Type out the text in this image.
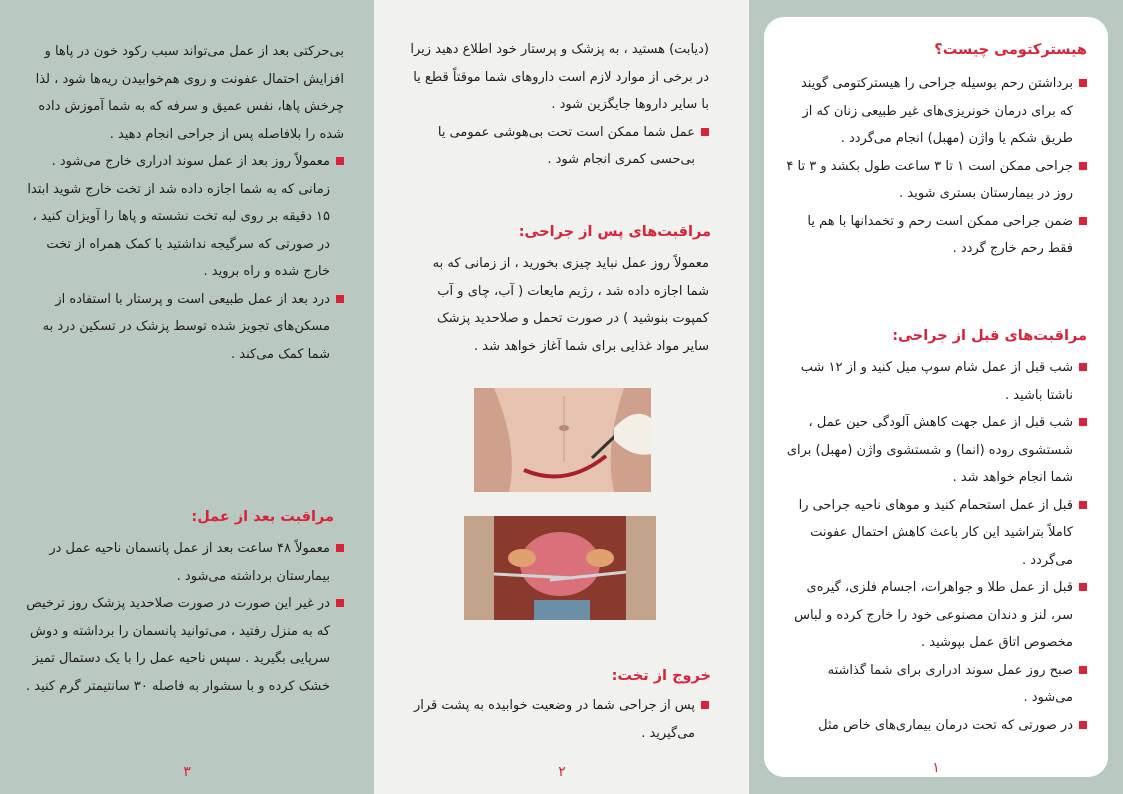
بی‌حرکتی بعد از عمل می‌تواند سبب رکود خون در پاها و افزایش احتمال عفونت و روی هم‌خوابیدن ریه‌ها شود ، لذا چرخش پاها، نفس عمیق و سرفه که به شما آموزش داده شده را بلافاصله پس از جراحی انجام دهید .

معمولاً روز بعد از عمل سوند ادراری خارج می‌شود . زمانی که به شما اجازه داده شد از تخت خارج شوید ابتدا ۱۵ دقیقه بر روی لبه تخت نشسته و پاها را آویزان کنید ، در صورتی که سرگیجه نداشتید با کمک همراه از تخت خارج شده و راه بروید .

درد بعد از عمل طبیعی است و پرستار با استفاده از مسکن‌های تجویز شده توسط پزشک در تسکین درد به شما کمک می‌کند .

مراقبت بعد از عمل:

معمولاً ۴۸ ساعت بعد از عمل پانسمان ناحیه عمل در بیمارستان برداشته می‌شود .

در غیر این صورت در صورت صلاحدید پزشک روز ترخیص که به منزل رفتید ، می‌توانید پانسمان را برداشته و دوش سرپایی بگیرید . سپس ناحیه عمل را با یک دستمال تمیز خشک کرده و با سشوار به فاصله ۳۰ سانتیمتر گرم کنید .

۳

(دیابت) هستید ، به پزشک و پرستار خود اطلاع دهید زیرا در برخی از موارد لازم است داروهای شما موقتاً قطع یا با سایر داروها جایگزین شود .

عمل شما ممکن است تحت بی‌هوشی عمومی یا بی‌حسی کمری انجام شود .

مراقبت‌های پس از جراحی:

معمولاً روز عمل نباید چیزی بخورید ، از زمانی که به شما اجازه داده شد ، رژیم مایعات ( آب، چای و آب کمپوت بنوشید ) در صورت تحمل و صلاحدید پزشک سایر مواد غذایی برای شما آغاز خواهد شد .

خروج از تخت:

پس از جراحی شما در وضعیت خوابیده به پشت قرار می‌گیرید .

۲
هیسترکتومی چیست؟

برداشتن رحم بوسیله جراحی را هیسترکتومی گویند که برای درمان خونریزی‌های غیر طبیعی زنان که از طریق شکم یا واژن (مهبل) انجام می‌گردد .

جراحی ممکن است ۱ تا ۳ ساعت طول بکشد و ۳ تا ۴ روز در بیمارستان بستری شوید .

ضمن جراحی ممکن است رحم و تخمدانها با هم یا فقط رحم خارج گردد .

مراقبت‌های قبل از جراحی:

شب قبل از عمل شام سوپ میل کنید و از ۱۲ شب ناشتا باشید .

شب قبل از عمل جهت کاهش آلودگی حین عمل ، شستشوی روده (انما) و شستشوی واژن (مهبل) برای شما انجام خواهد شد .

قبل از عمل استحمام کنید و موهای ناحیه جراحی را کاملاً بتراشید این کار باعث کاهش احتمال عفونت می‌گردد .

قبل از عمل طلا و جواهرات، اجسام فلزی، گیره‌ی سر، لنز و دندان مصنوعی خود را خارج کرده و لباس مخصوص اتاق عمل بپوشید .

صبح روز عمل سوند ادراری برای شما گذاشته می‌شود .

در صورتی که تحت درمان بیماری‌های خاص مثل

۱
